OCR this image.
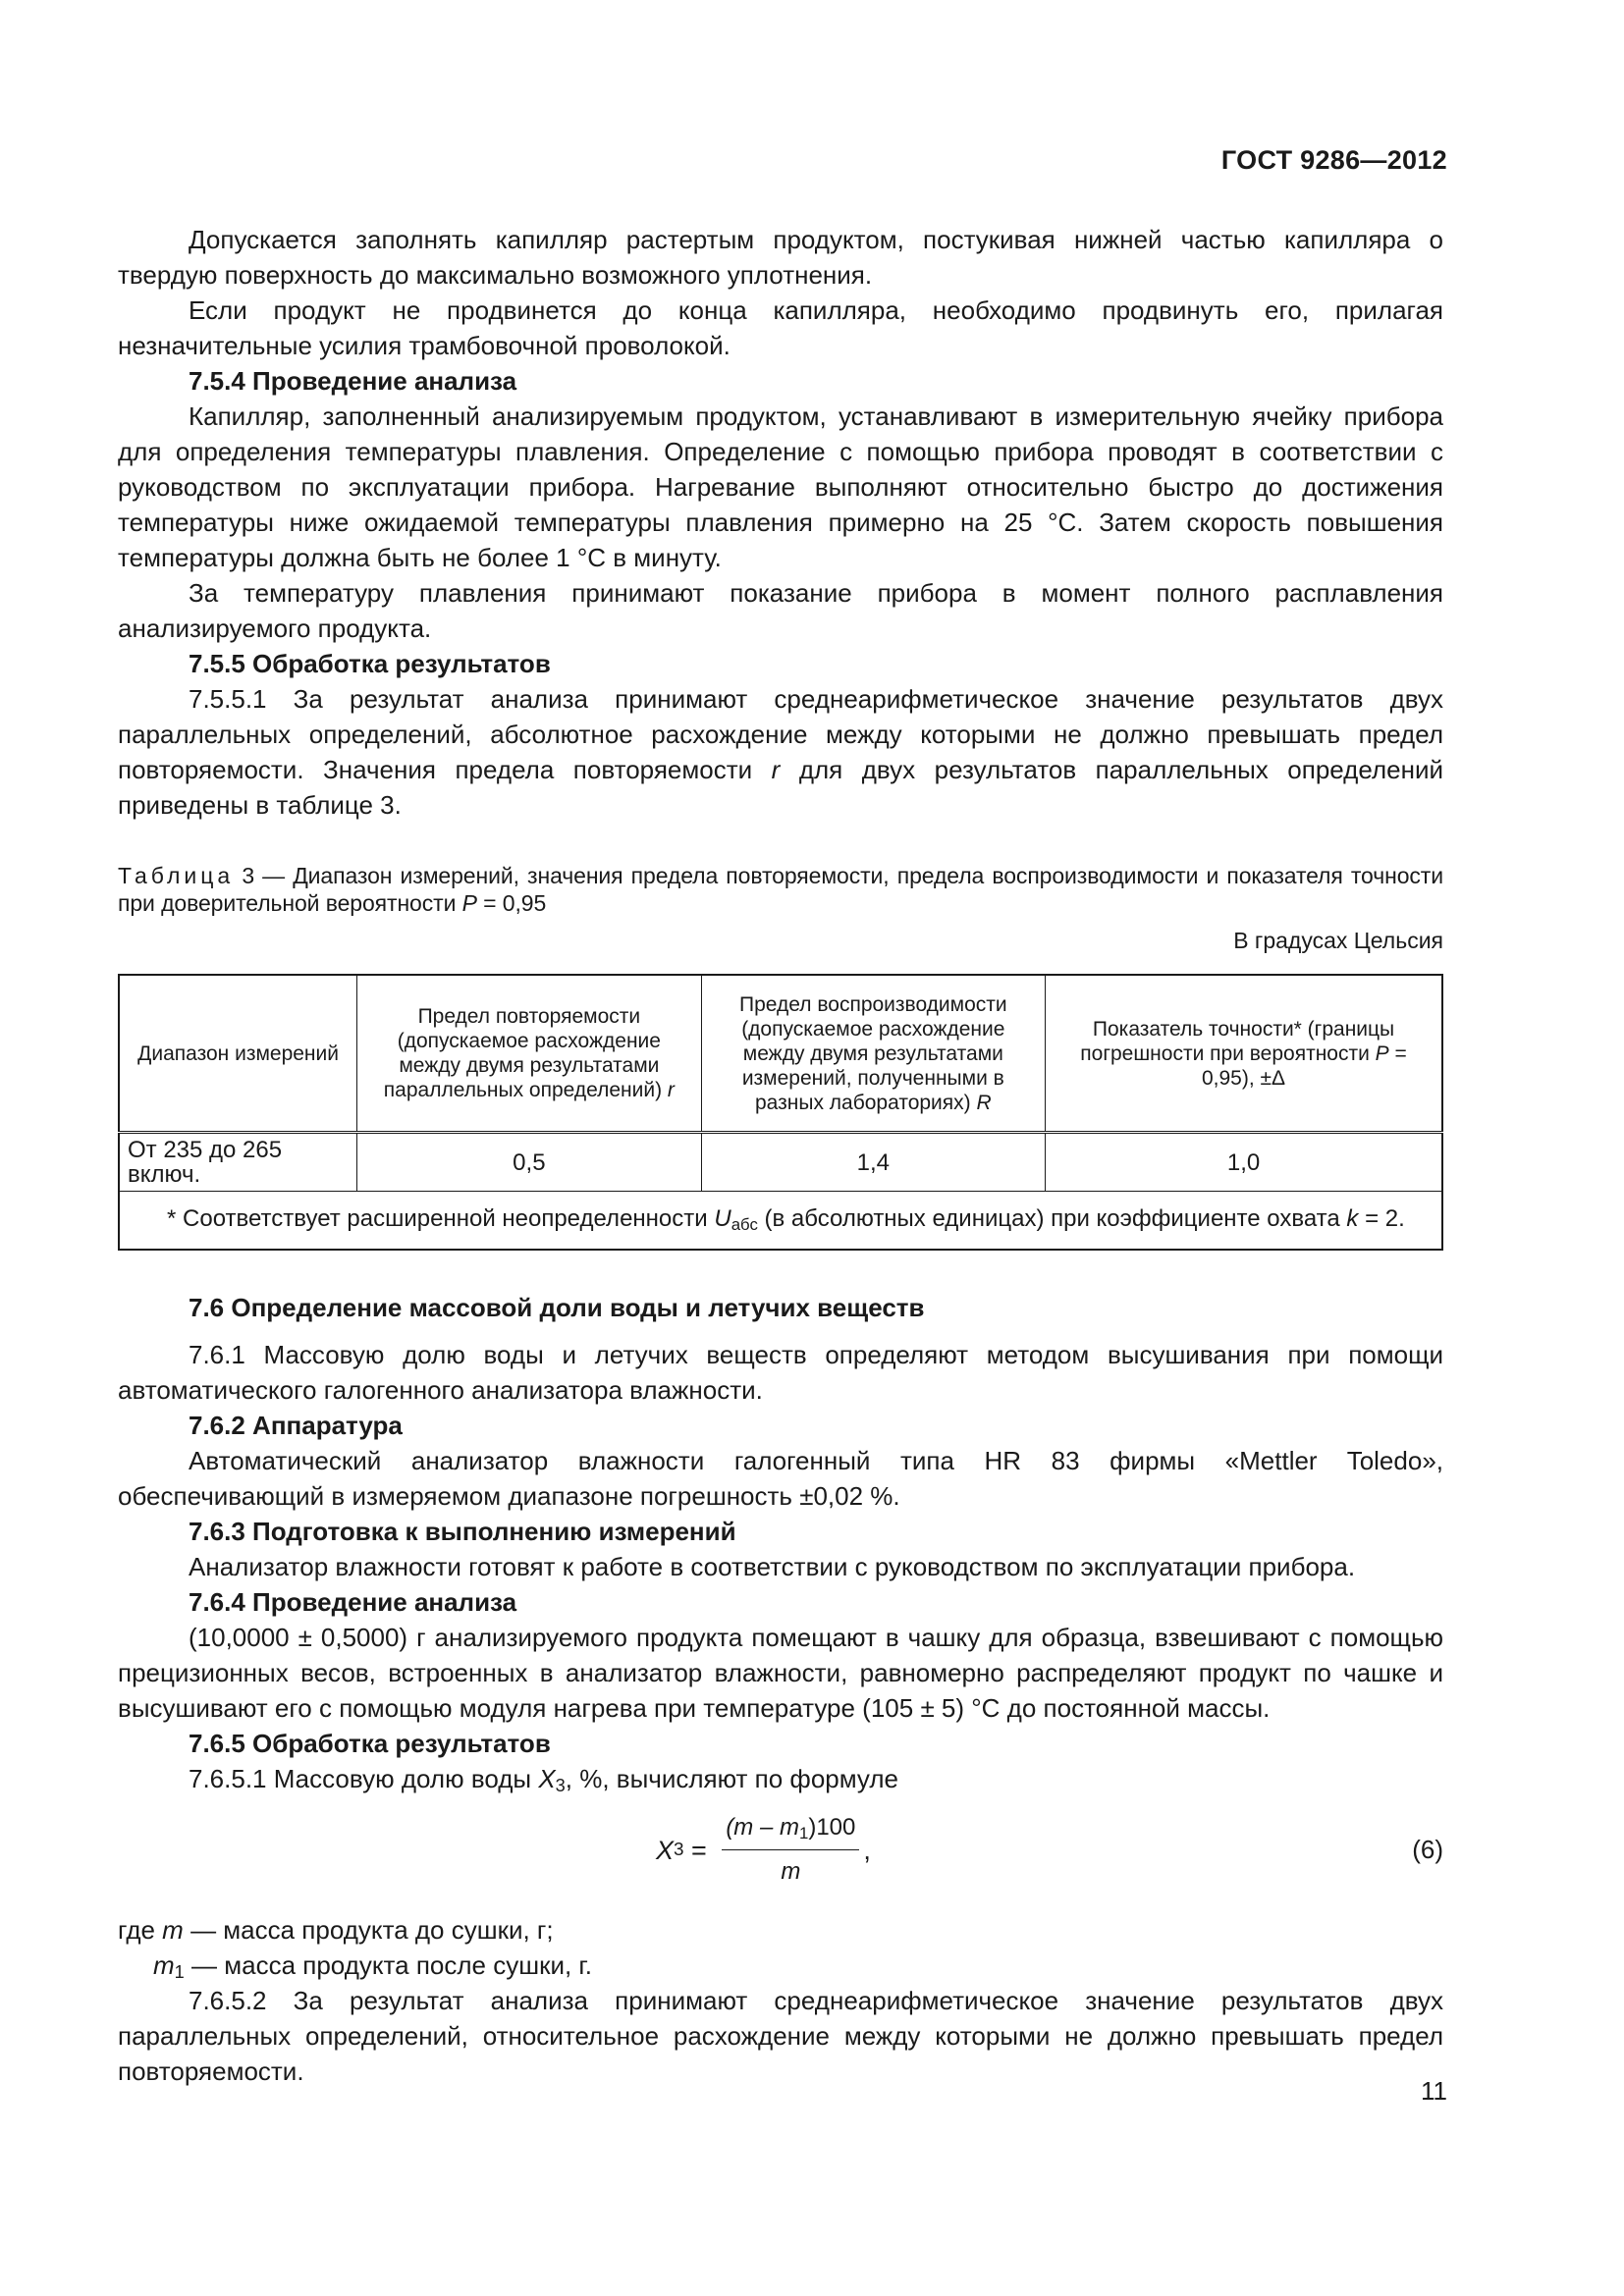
ГОСТ 9286—2012

Допускается заполнять капилляр растертым продуктом, постукивая нижней частью капилляра о твердую поверхность до максимально возможного уплотнения.

Если продукт не продвинется до конца капилляра, необходимо продвинуть его, прилагая незначительные усилия трамбовочной проволокой.

7.5.4 Проведение анализа

Капилляр, заполненный анализируемым продуктом, устанавливают в измерительную ячейку прибора для определения температуры плавления. Определение с помощью прибора проводят в соответствии с руководством по эксплуатации прибора. Нагревание выполняют относительно быстро до достижения температуры ниже ожидаемой температуры плавления примерно на 25 °С. Затем скорость повышения температуры должна быть не более 1 °С в минуту.

За температуру плавления принимают показание прибора в момент полного расплавления анализируемого продукта.

7.5.5 Обработка результатов

7.5.5.1 За результат анализа принимают среднеарифметическое значение результатов двух параллельных определений, абсолютное расхождение между которыми не должно превышать предел повторяемости. Значения предела повторяемости r для двух результатов параллельных определений приведены в таблице 3.

Таблица 3 — Диапазон измерений, значения предела повторяемости, предела воспроизводимости и показателя точности при доверительной вероятности P = 0,95

В градусах Цельсия

Диапазон измерений	Предел повторяемости (допускаемое расхождение между двумя результатами параллельных определений) r	Предел воспроизводимости (допускаемое расхождение между двумя результатами измерений, полученными в разных лабораториях) R	Показатель точности* (границы погрешности при вероятности P = 0,95), ±Δ
От 235 до 265 включ.	0,5	1,4	1,0
* Соответствует расширенной неопределенности $U_{абс}$ (в абсолютных единицах) при коэффициенте охвата k = 2.			

7.6 Определение массовой доли воды и летучих веществ

7.6.1 Массовую долю воды и летучих веществ определяют методом высушивания при помощи автоматического галогенного анализатора влажности.

7.6.2 Аппаратура

Автоматический анализатор влажности галогенный типа HR 83 фирмы «Mettler Toledo», обеспечивающий в измеряемом диапазоне погрешность ±0,02 %.

7.6.3 Подготовка к выполнению измерений

Анализатор влажности готовят к работе в соответствии с руководством по эксплуатации прибора.

7.6.4 Проведение анализа

(10,0000 ± 0,5000) г анализируемого продукта помещают в чашку для образца, взвешивают с помощью прецизионных весов, встроенных в анализатор влажности, равномерно распределяют продукт по чашке и высушивают его с помощью модуля нагрева при температуре (105 ± 5) °С до постоянной массы.

7.6.5 Обработка результатов

7.6.5.1 Массовую долю воды $X_3$, %, вычисляют по формуле

X $3 = \frac{(m - m_1)100}{m}$ ,	(6)

где m — масса продукта до сушки, г;

$m_1$ — масса продукта после сушки, г.

7.6.5.2 За результат анализа принимают среднеарифметическое значение результатов двух параллельных определений, относительное расхождение между которыми не должно превышать предел повторяемости.

11
